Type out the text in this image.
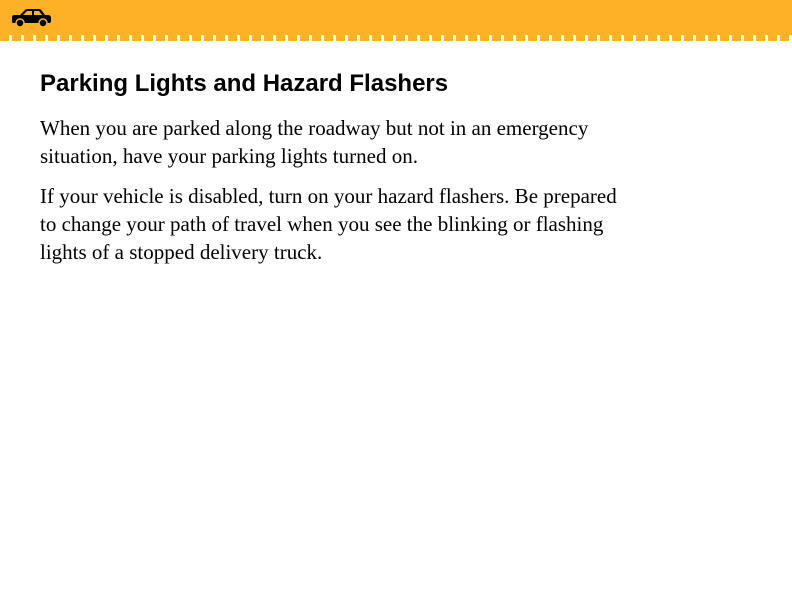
Parking Lights and Hazard Flashers

When you are parked along the roadway but not in an emergency situation, have your parking lights turned on.

If your vehicle is disabled, turn on your hazard flashers. Be prepared to change your path of travel when you see the blinking or flashing lights of a stopped delivery truck.
